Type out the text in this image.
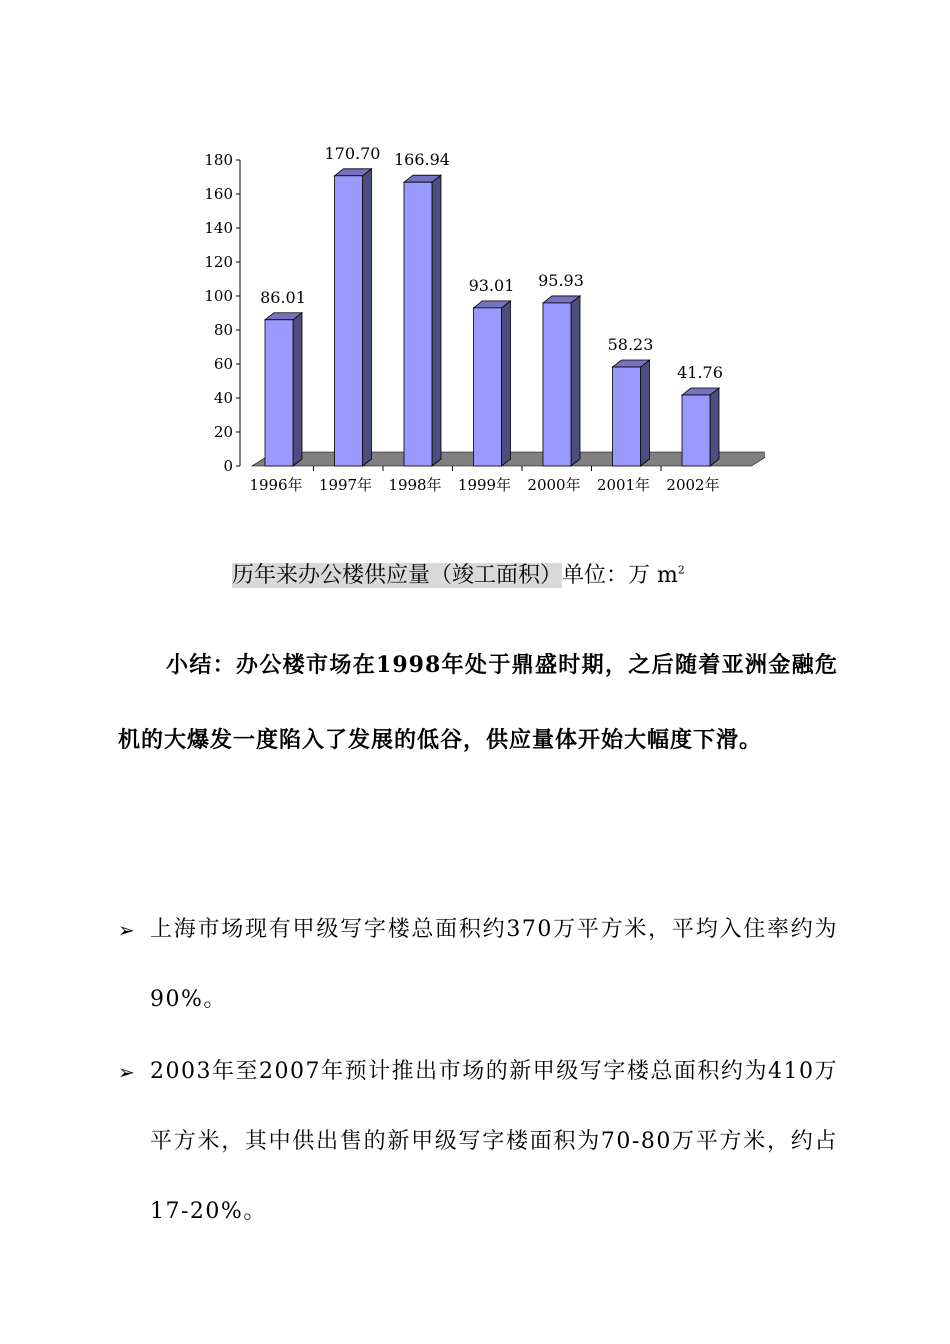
0
20
40
60
80
100
120
140
160
180
86.01
170.70 166.94
93.01 95.93
58.23
41.76
1996年 1997年 1998年 1999年 2000年 2001年 2002年
历年来办公楼供应量（竣工面积）单位：万 $m^2$

小结：办公楼市场在1998年处于鼎盛时期，之后随着亚洲金融危机的大爆发一度陷入了发展的低谷，供应量体开始大幅度下滑。

➢ 上海市场现有甲级写字楼总面积约370万平方米，平均入住率约为90%。
➢ 2003年至2007年预计推出市场的新甲级写字楼总面积约为410万平方米，其中供出售的新甲级写字楼面积为70-80万平方米，约占17-20%。
